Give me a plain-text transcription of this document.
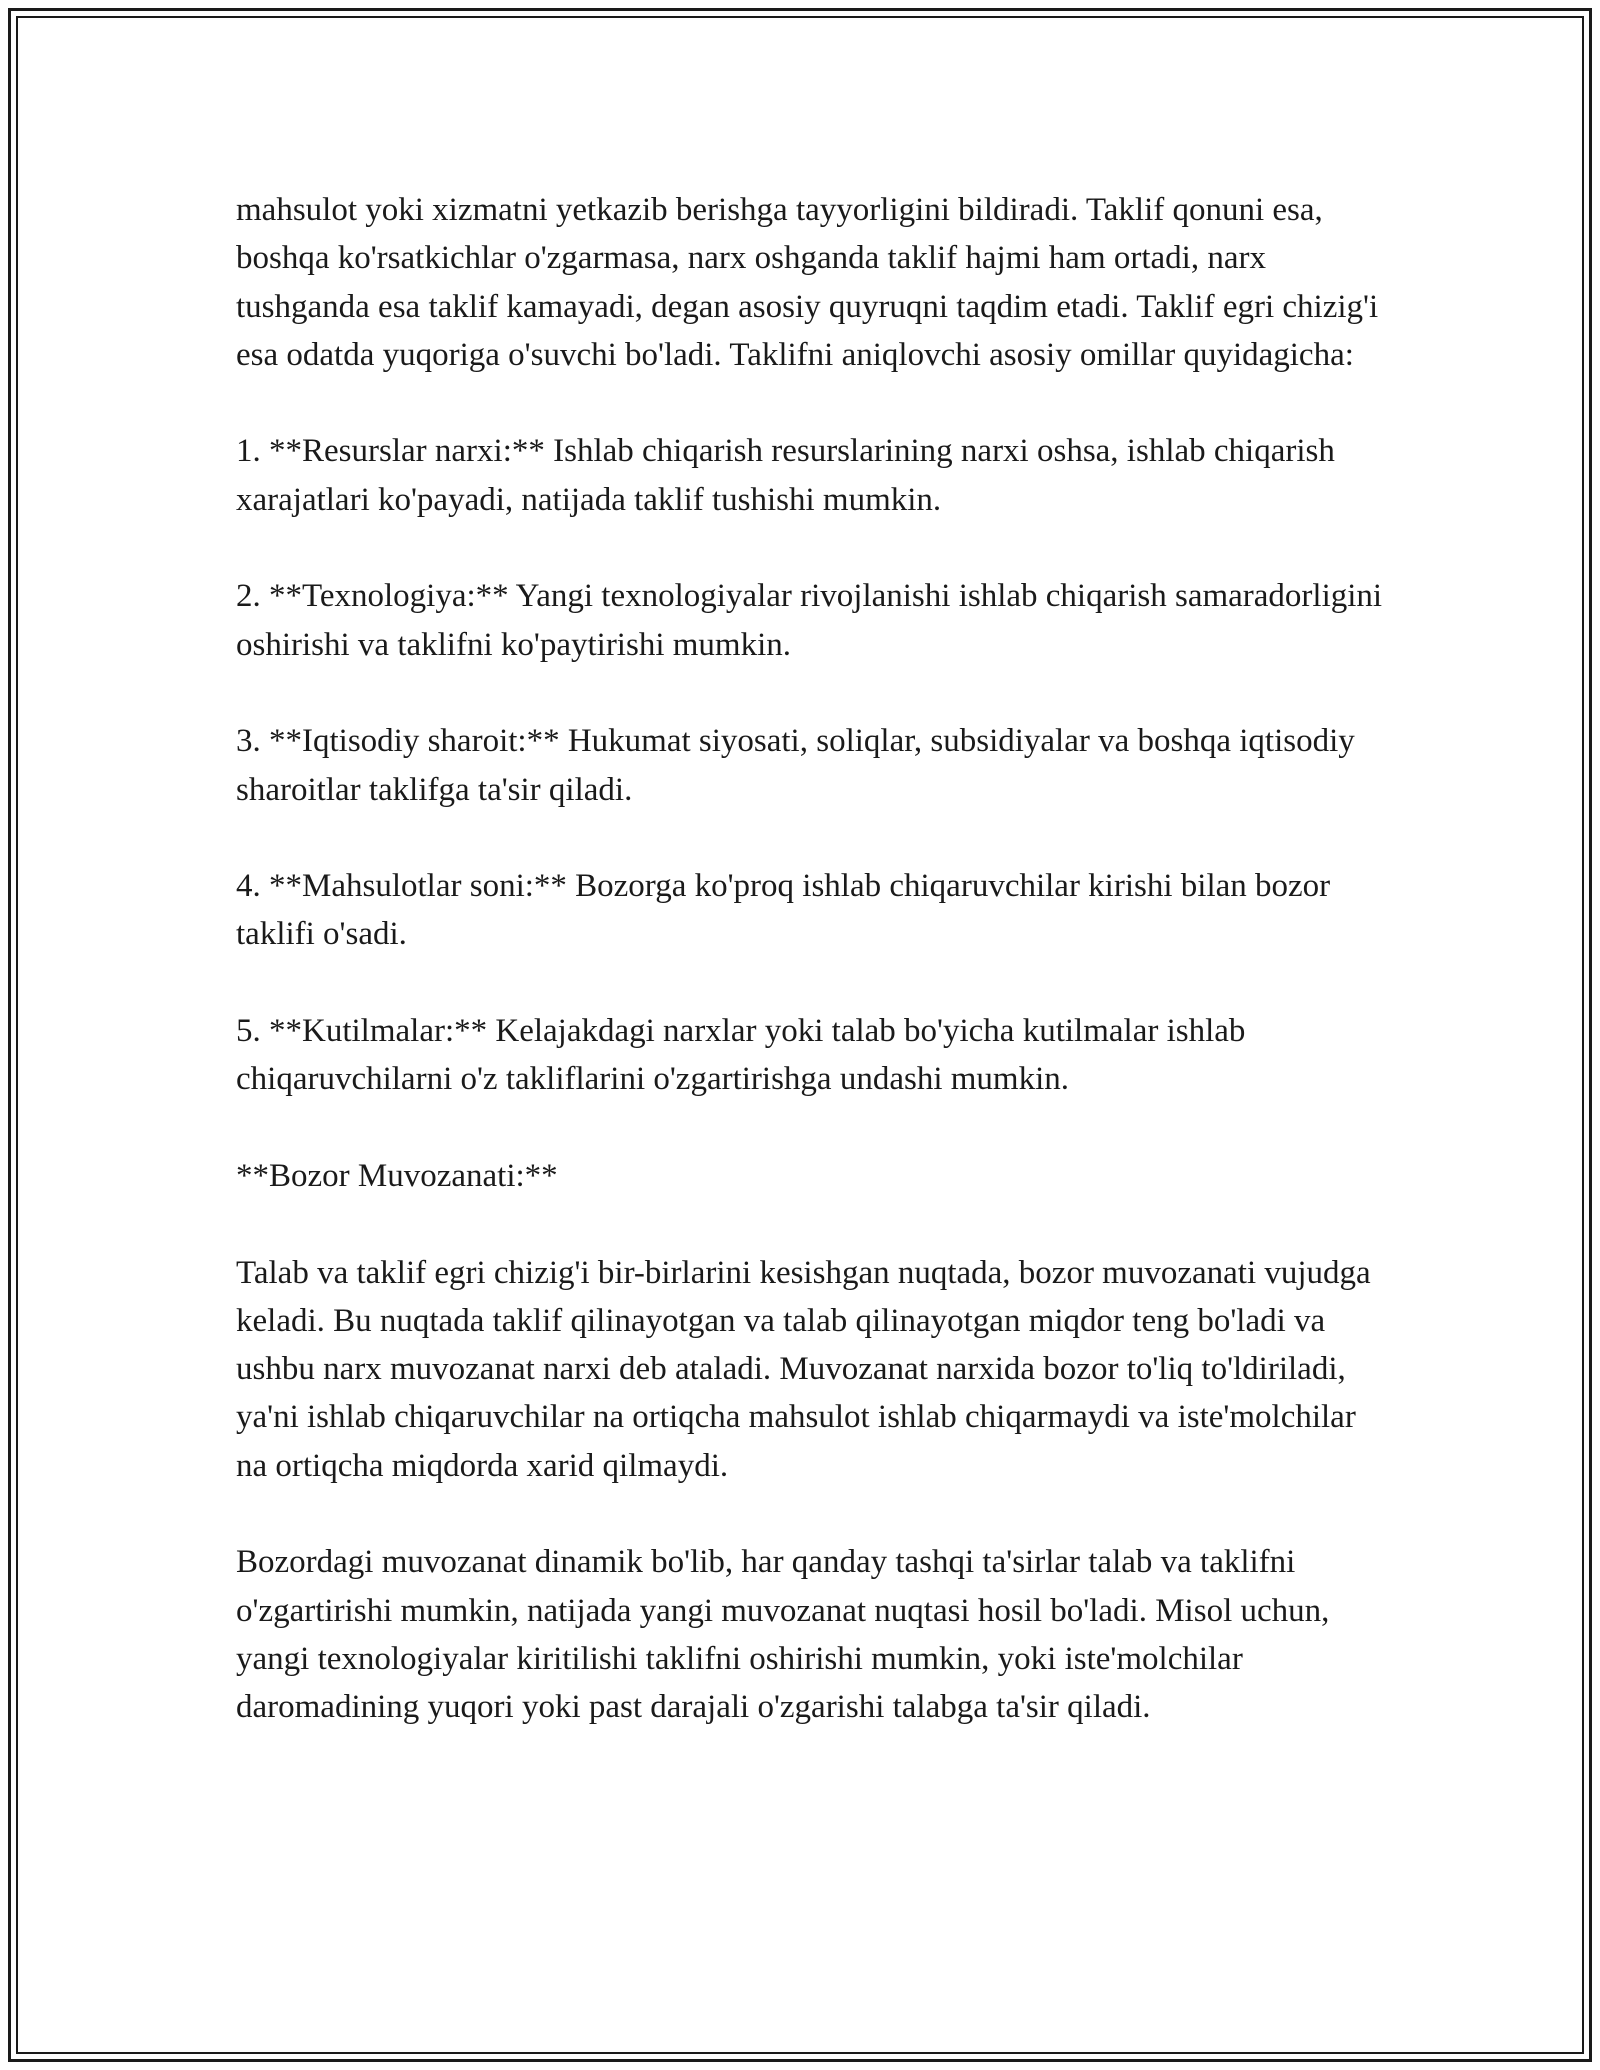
mahsulot yoki xizmatni yetkazib berishga tayyorligini bildiradi. Taklif qonuni esa, boshqa ko'rsatkichlar o'zgarmasa, narx oshganda taklif hajmi ham ortadi, narx tushganda esa taklif kamayadi, degan asosiy quyruqni taqdim etadi. Taklif egri chizig'i esa odatda yuqoriga o'suvchi bo'ladi. Taklifni aniqlovchi asosiy omillar quyidagicha:

1. **Resurslar narxi:** Ishlab chiqarish resurslarining narxi oshsa, ishlab chiqarish xarajatlari ko'payadi, natijada taklif tushishi mumkin.

2. **Texnologiya:** Yangi texnologiyalar rivojlanishi ishlab chiqarish samaradorligini oshirishi va taklifni ko'paytirishi mumkin.

3. **Iqtisodiy sharoit:** Hukumat siyosati, soliqlar, subsidiyalar va boshqa iqtisodiy sharoitlar taklifga ta'sir qiladi.

4. **Mahsulotlar soni:** Bozorga ko'proq ishlab chiqaruvchilar kirishi bilan bozor taklifi o'sadi.

5. **Kutilmalar:** Kelajakdagi narxlar yoki talab bo'yicha kutilmalar ishlab chiqaruvchilarni o'z takliflarini o'zgartirishga undashi mumkin.

**Bozor Muvozanati:**

Talab va taklif egri chizig'i bir-birlarini kesishgan nuqtada, bozor muvozanati vujudga keladi. Bu nuqtada taklif qilinayotgan va talab qilinayotgan miqdor teng bo'ladi va ushbu narx muvozanat narxi deb ataladi. Muvozanat narxida bozor to'liq to'ldiriladi, ya'ni ishlab chiqaruvchilar na ortiqcha mahsulot ishlab chiqarmaydi va iste'molchilar na ortiqcha miqdorda xarid qilmaydi.

Bozordagi muvozanat dinamik bo'lib, har qanday tashqi ta'sirlar talab va taklifni o'zgartirishi mumkin, natijada yangi muvozanat nuqtasi hosil bo'ladi. Misol uchun, yangi texnologiyalar kiritilishi taklifni oshirishi mumkin, yoki iste'molchilar daromadining yuqori yoki past darajali o'zgarishi talabga ta'sir qiladi.
